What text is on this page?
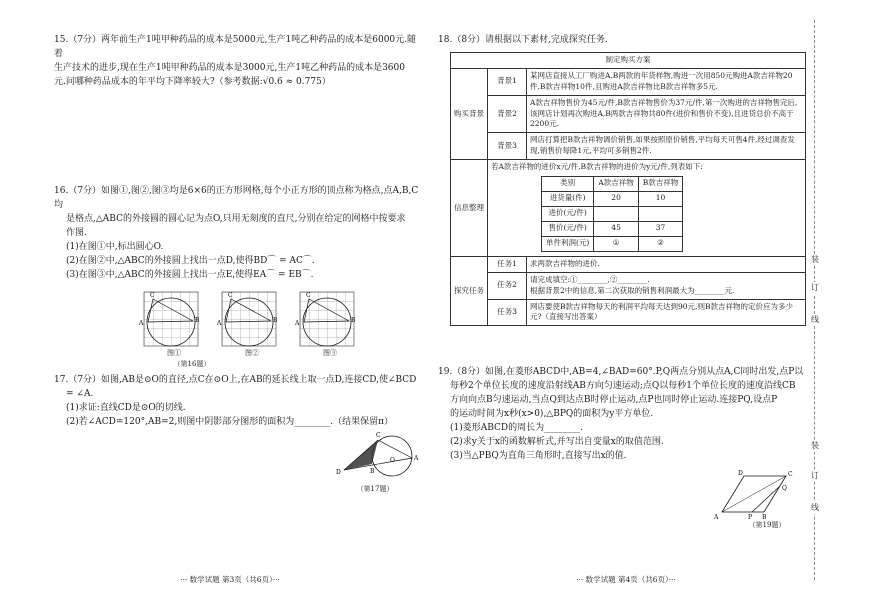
15.（7分）两年前生产1吨甲种药品的成本是5000元,生产1吨乙种药品的成本是6000元.随着

生产技术的进步,现在生产1吨甲种药品的成本是3000元,生产1吨乙种药品的成本是3600

元.问哪种药品成本的年平均下降率较大?（参考数据:√0.6 ≈ 0.775）

16.（7分）如图①,图②,图③均是6×6的正方形网格,每个小正方形的顶点称为格点,点A,B,C均

是格点,△ABC的外接圆的圆心记为点O,只用无刻度的直尺,分别在给定的网格中按要求

作图.

(1)在图①中,标出圆心O.

(2)在图②中,△ABC的外接圆上找出一点D,使得BD⌒ = AC⌒.

(3)在图③中,△ABC的外接圆上找出一点E,使得EA⌒ = EB⌒.

A
C
B	A
C
B	A
C
B
图①	图②	图③
（第16题）

17.（7分）如图,AB是⊙O的直径,点C在⊙O上,在AB的延长线上取一点D,连接CD,使∠BCD

= ∠A.

(1)求证:直线CD是⊙O的切线.

(2)若∠ACD=120°,AB=2,则图中阴影部分图形的面积为________.（结果保留π）

D	B
C
O	A
（第17题）
··· 数学试题 第3页（共6页）···
18.（8分）请根据以下素材,完成探究任务.
制定购买方案
购买背景	背景1	某网店直接从工厂购进A,B两款的年货样物,购进一次用850元购进A款吉祥物20件,B款吉祥物10件,且购进A款吉祥物比B款吉祥物多5元.
背景2	A款吉祥物售价为45元/件,B款吉祥物售价为37元/件,第一次购进的吉祥物售完后,该网店计划再次购进A,B两款吉祥物共80件(进价和售价不变),且进货总价不高于2200元.
背景3	网店打算把B款吉祥物调价销售,如果按照原价销售,平均每天可售4件,经过调查发现,销售价每降1元,平均可多销售2件.
信息整理	
若A款吉祥物的进价x元/件,B款吉祥物的进价为y元/件,列表如下:
类别	A款吉祥物	B款吉祥物
进货量(件)	20	10
进价(元/件)		
售价(元/件)	45	37
单件利润(元)	①	②

探究任务	任务1	求两款吉祥物的进价.
任务2	
请完成填空:①________,②________.
根据背景2中的信息,第二次获取的销售利润最大为________元.

任务3	网店要使B款吉祥物每天的利润平均每天达到90元,则B款吉祥物的定价应为多少元?（直接写出答案）

19.（8分）如图,在菱形ABCD中,AB=4,∠BAD=60°.P,Q两点分别从点A,C同时出发,点P以

每秒2个单位长度的速度沿射线AB方向匀速运动;点Q以每秒1个单位长度的速度沿线CB

方向向点B匀速运动,当点Q到达点B时停止运动,点P也同时停止运动.连接PQ,设点P

的运动时间为x秒(x>0),△BPQ的面积为y平方单位.

(1)菱形ABCD的周长为________.

(2)求y关于x的函数解析式,并写出自变量x的取值范围.

(3)当△PBQ为直角三角形时,直接写出x的值.

A	P B
D	C
Q
（第19题）
··· 数学试题 第4页（共6页）···
装
订
线
装
订
线
